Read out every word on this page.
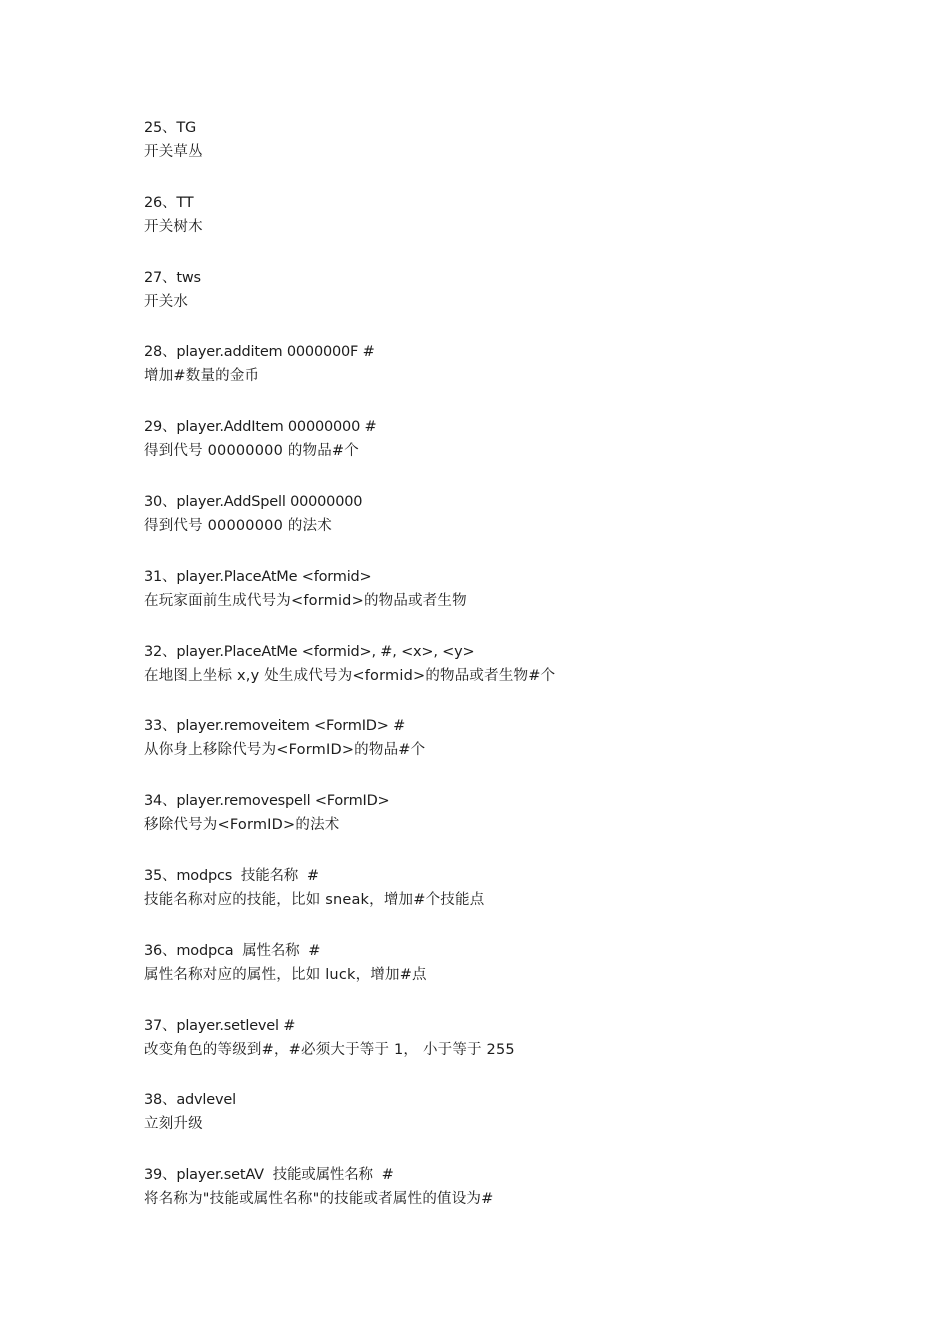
25、TG
开关草丛
26、TT
开关树木
27、tws
开关水
28、player.additem 0000000F #
增加#数量的金币
29、player.AddItem 00000000 #
得到代号 00000000 的物品#个
30、player.AddSpell 00000000
得到代号 00000000 的法术
31、player.PlaceAtMe <formid>
在玩家面前生成代号为<formid>的物品或者生物
32、player.PlaceAtMe <formid>, #, <x>, <y>
在地图上坐标 x,y 处生成代号为<formid>的物品或者生物#个
33、player.removeitem <FormID> #
从你身上移除代号为<FormID>的物品#个
34、player.removespell <FormID>
移除代号为<FormID>的法术
35、modpcs  技能名称  #
技能名称对应的技能，比如 sneak，增加#个技能点
36、modpca  属性名称  #
属性名称对应的属性，比如 luck，增加#点
37、player.setlevel #
改变角色的等级到#，#必须大于等于 1， 小于等于 255
38、advlevel
立刻升级
39、player.setAV  技能或属性名称  #
将名称为"技能或属性名称"的技能或者属性的值设为#
